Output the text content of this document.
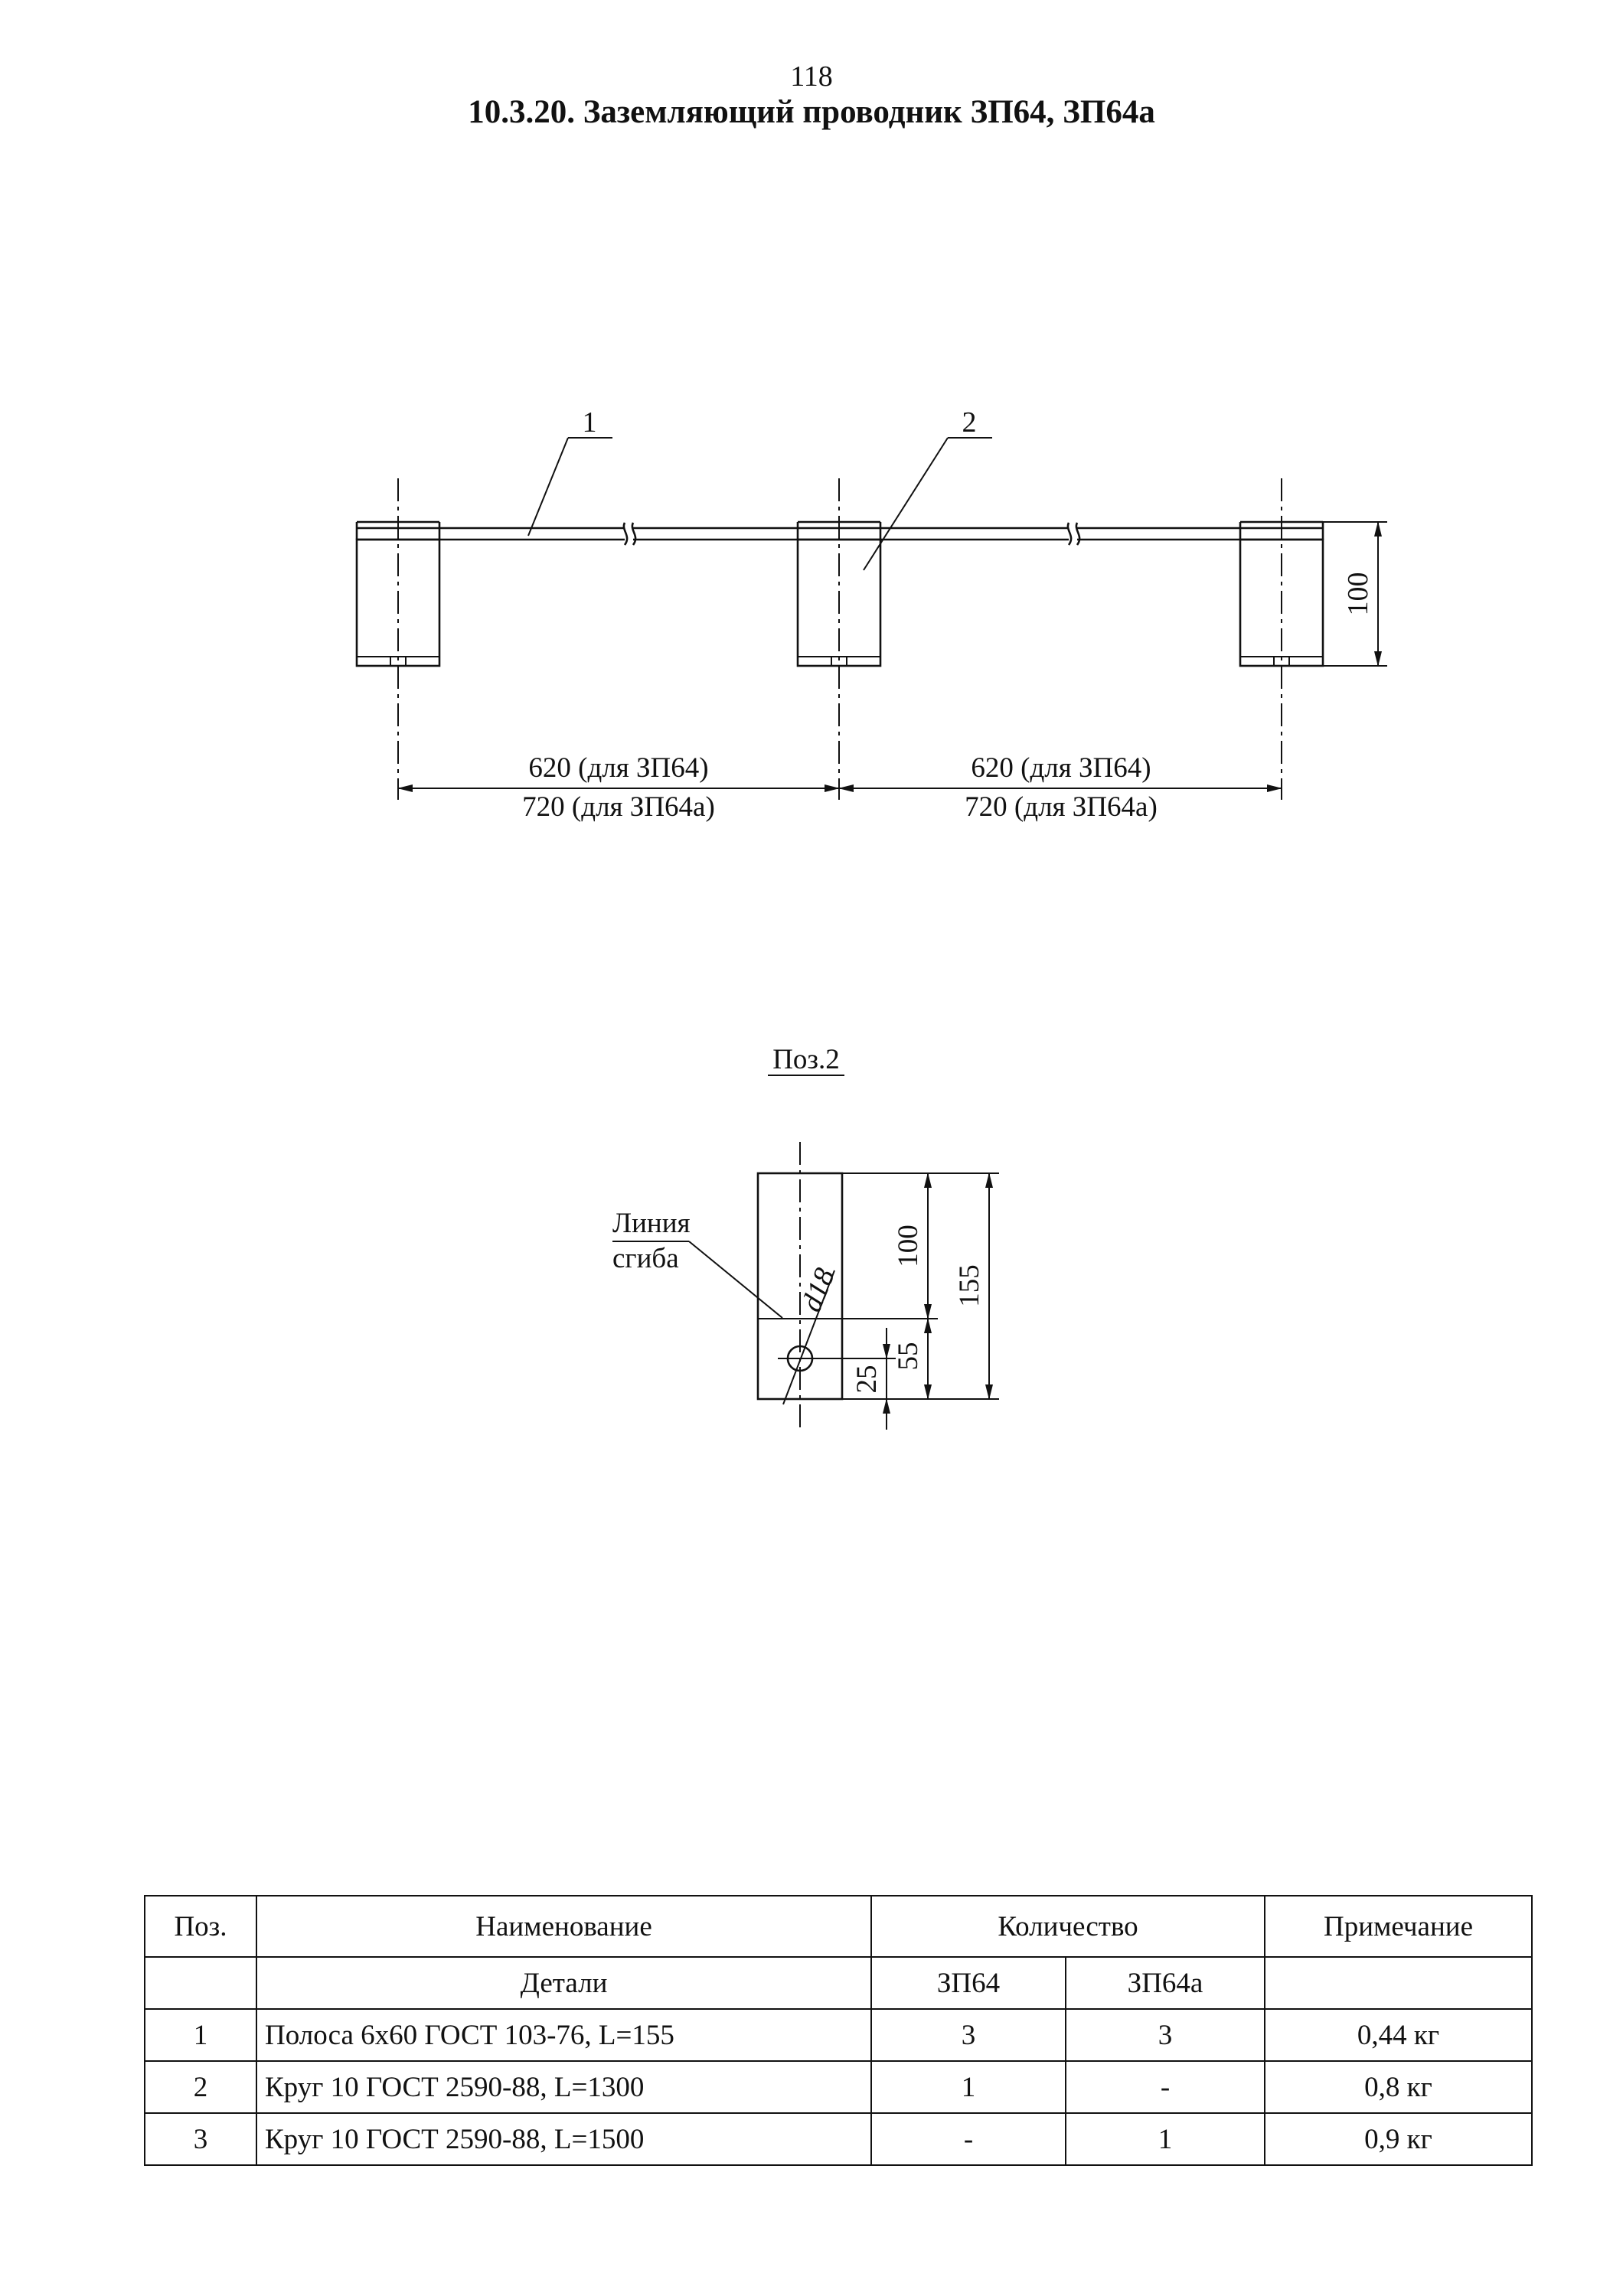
118
10.3.20. Заземляющий проводник ЗП64, ЗП64а
1	2
100
620 (для ЗП64)
720 (для ЗП64а)
620 (для ЗП64)
720 (для ЗП64а)
Поз.2
d18
Линия
сгиба	100
155
55
25
Поз.	Наименование	Количество		Примечание
	Детали	ЗП64	ЗП64а	
1	Полоса 6х60 ГОСТ 103-76, L=155	3	3	0,44 кг
2	Круг 10 ГОСТ 2590-88, L=1300	1	-	0,8 кг
3	Круг 10 ГОСТ 2590-88, L=1500	-	1	0,9 кг
